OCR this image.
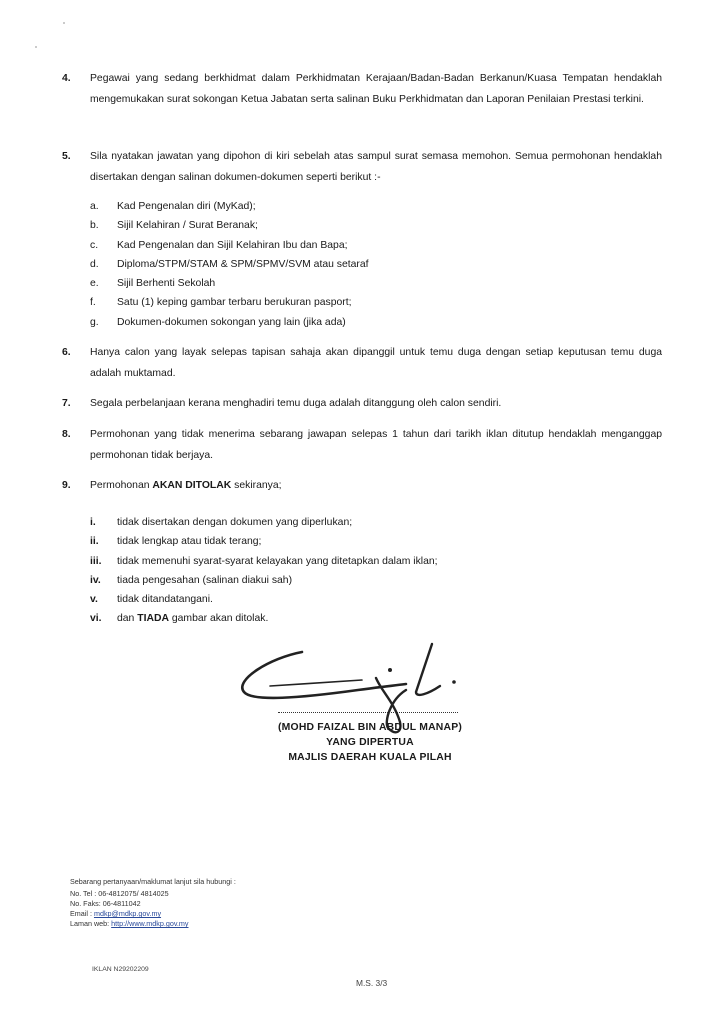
4. Pegawai yang sedang berkhidmat dalam Perkhidmatan Kerajaan/Badan-Badan Berkanun/Kuasa Tempatan hendaklah mengemukakan surat sokongan Ketua Jabatan serta salinan Buku Perkhidmatan dan Laporan Penilaian Prestasi terkini.
5. Sila nyatakan jawatan yang dipohon di kiri sebelah atas sampul surat semasa memohon. Semua permohonan hendaklah disertakan dengan salinan dokumen-dokumen seperti berikut :-
a. Kad Pengenalan diri (MyKad);
b. Sijil Kelahiran / Surat Beranak;
c. Kad Pengenalan dan Sijil Kelahiran Ibu dan Bapa;
d. Diploma/STPM/STAM & SPM/SPMV/SVM atau setaraf
e. Sijil Berhenti Sekolah
f. Satu (1) keping gambar terbaru berukuran pasport;
g. Dokumen-dokumen sokongan yang lain (jika ada)
6. Hanya calon yang layak selepas tapisan sahaja akan dipanggil untuk temu duga dengan setiap keputusan temu duga adalah muktamad.
7. Segala perbelanjaan kerana menghadiri temu duga adalah ditanggung oleh calon sendiri.
8. Permohonan yang tidak menerima sebarang jawapan selepas 1 tahun dari tarikh iklan ditutup hendaklah menganggap permohonan tidak berjaya.
9. Permohonan AKAN DITOLAK sekiranya;
i. tidak disertakan dengan dokumen yang diperlukan;
ii. tidak lengkap atau tidak terang;
iii. tidak memenuhi syarat-syarat kelayakan yang ditetapkan dalam iklan;
iv. tiada pengesahan (salinan diakui sah)
v. tidak ditandatangani.
vi. dan TIADA gambar akan ditolak.
(MOHD FAIZAL BIN ABDUL MANAP)
YANG DIPERTUA
MAJLIS DAERAH KUALA PILAH
Sebarang pertanyaan/maklumat lanjut sila hubungi :
No. Tel : 06-4812075/ 4814025
No. Faks: 06-4811042
Email : mdkp@mdkp.gov.my
Laman web: http://www.mdkp.gov.my
IKLAN N29202209
M.S. 3/3
